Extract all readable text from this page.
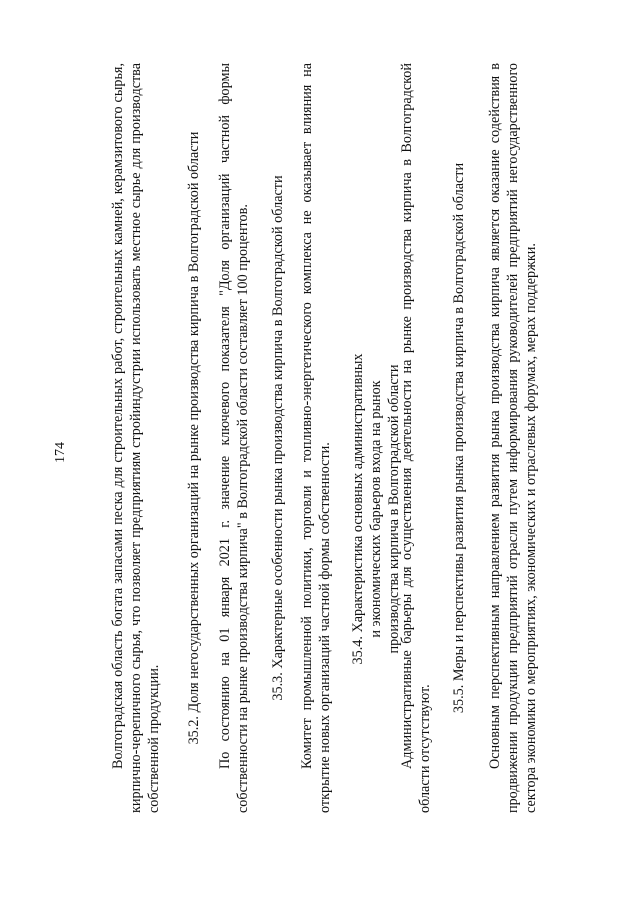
174	Волгоградская область богата запасами песка для строительных работ, строительных камней, керамзитового сырья, кирпично-черепичного сырья, что позволяет предприятиям стройиндустрии использовать местное сырье для производства собственной продукции. 35.2. Доля негосударственных организаций на рынке производства кирпича в Волгоградской области По состоянию на 01 января 2021 г. значение ключевого показателя "Доля организаций частной формы собственности на рынке производства кирпича" в Волгоградской области составляет 100 процентов. 35.3. Характерные особенности рынка производства кирпича в Волгоградской области Комитет промышленной политики, торговли и топливно-энергетического комплекса не оказывает влияния на открытие новых организаций частной формы собственности. 35.4. Характеристика основных административных и экономических барьеров входа на рынок производства кирпича в Волгоградской области

Административные барьеры для осуществления деятельности на рынке производства кирпича в Волгоградской области отсутствуют.

35.5. Меры и перспективы развития рынка производства кирпича в Волгоградской области Основным перспективным направлением развития рынка производства кирпича является оказание содействия в продвижении продукции предприятий отрасли путем информирования руководителей предприятий негосударственного сектора экономики о мероприятиях, экономических и отраслевых форумах, мерах поддержки.
